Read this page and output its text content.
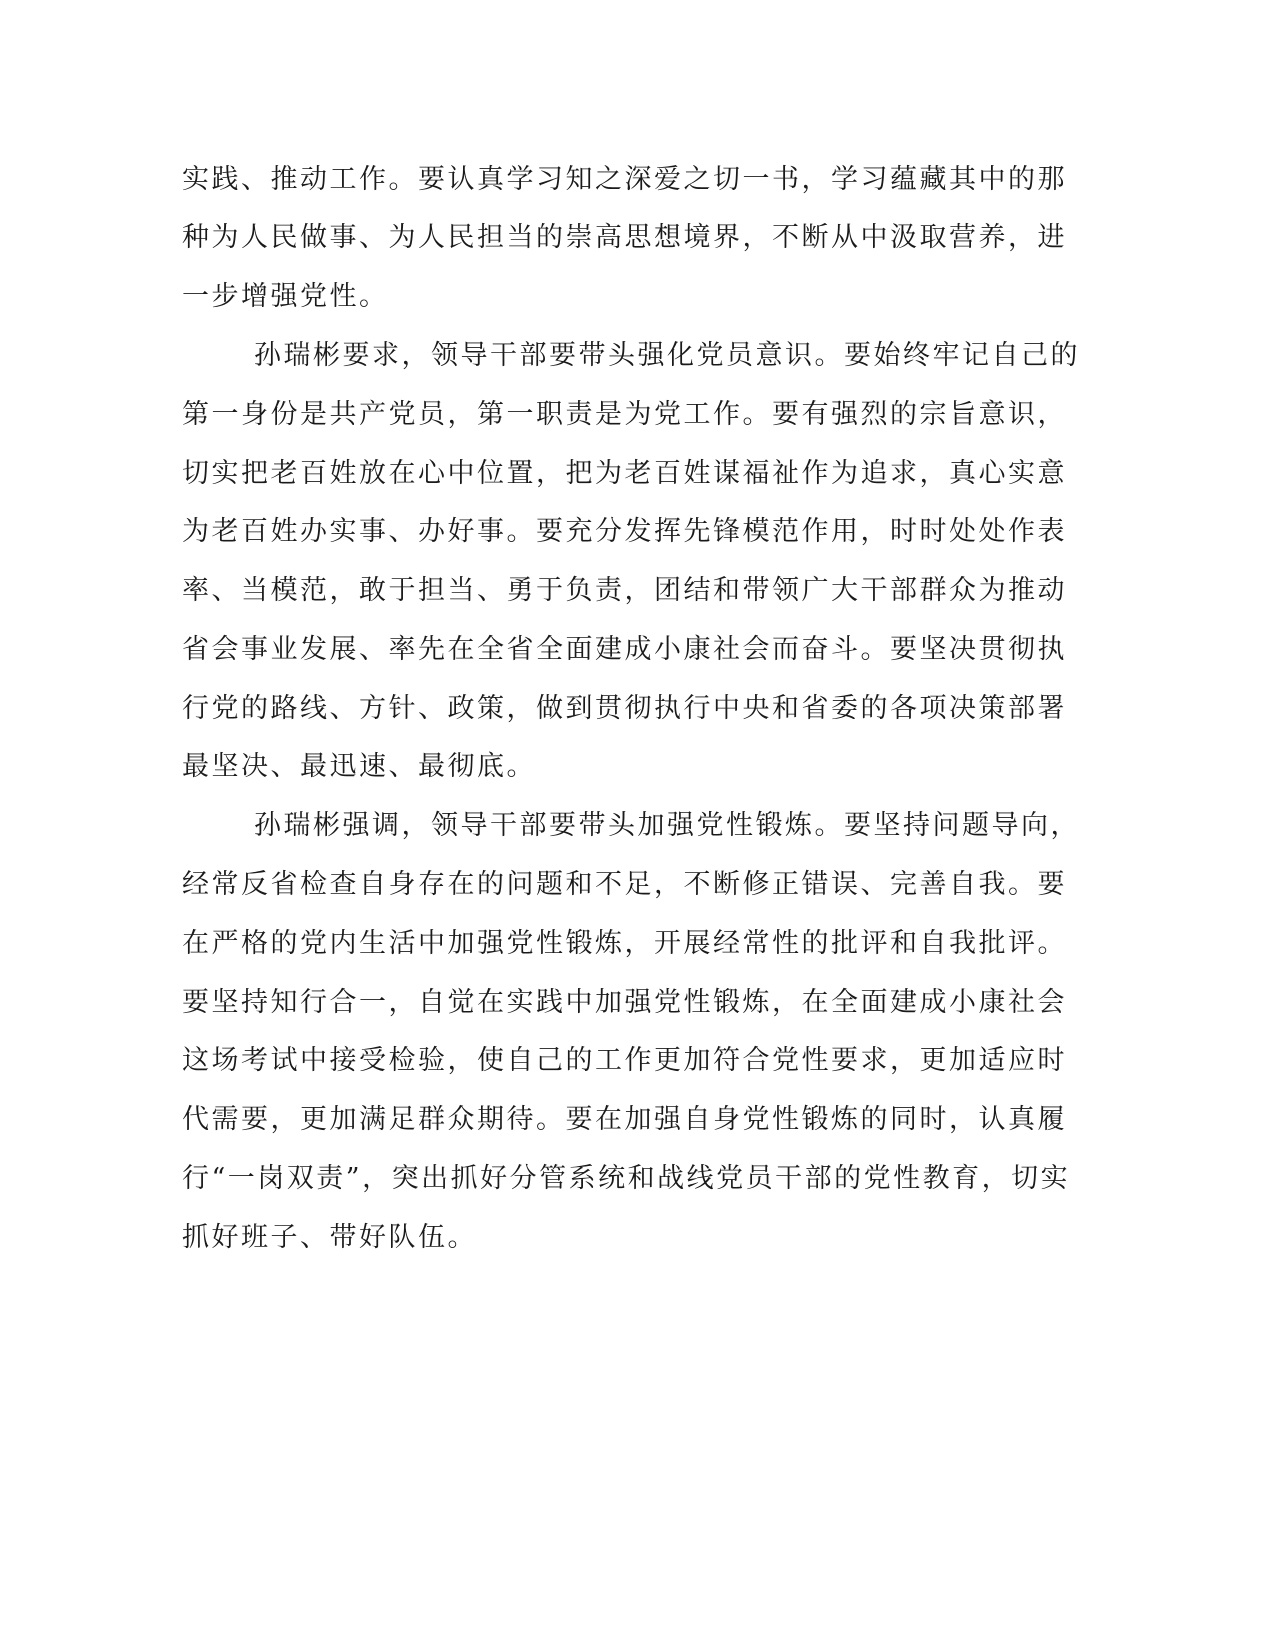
实践、推动工作。要认真学习知之深爱之切一书，学习蕴藏其中的那
种为人民做事、为人民担当的崇高思想境界，不断从中汲取营养，进
一步增强党性。
孙瑞彬要求，领导干部要带头强化党员意识。要始终牢记自己的
第一身份是共产党员，第一职责是为党工作。要有强烈的宗旨意识，
切实把老百姓放在心中位置，把为老百姓谋福祉作为追求，真心实意
为老百姓办实事、办好事。要充分发挥先锋模范作用，时时处处作表
率、当模范，敢于担当、勇于负责，团结和带领广大干部群众为推动
省会事业发展、率先在全省全面建成小康社会而奋斗。要坚决贯彻执
行党的路线、方针、政策，做到贯彻执行中央和省委的各项决策部署
最坚决、最迅速、最彻底。
孙瑞彬强调，领导干部要带头加强党性锻炼。要坚持问题导向，
经常反省检查自身存在的问题和不足，不断修正错误、完善自我。要
在严格的党内生活中加强党性锻炼，开展经常性的批评和自我批评。
要坚持知行合一，自觉在实践中加强党性锻炼，在全面建成小康社会
这场考试中接受检验，使自己的工作更加符合党性要求，更加适应时
代需要，更加满足群众期待。要在加强自身党性锻炼的同时，认真履
行“一岗双责”，突出抓好分管系统和战线党员干部的党性教育，切实
抓好班子、带好队伍。
